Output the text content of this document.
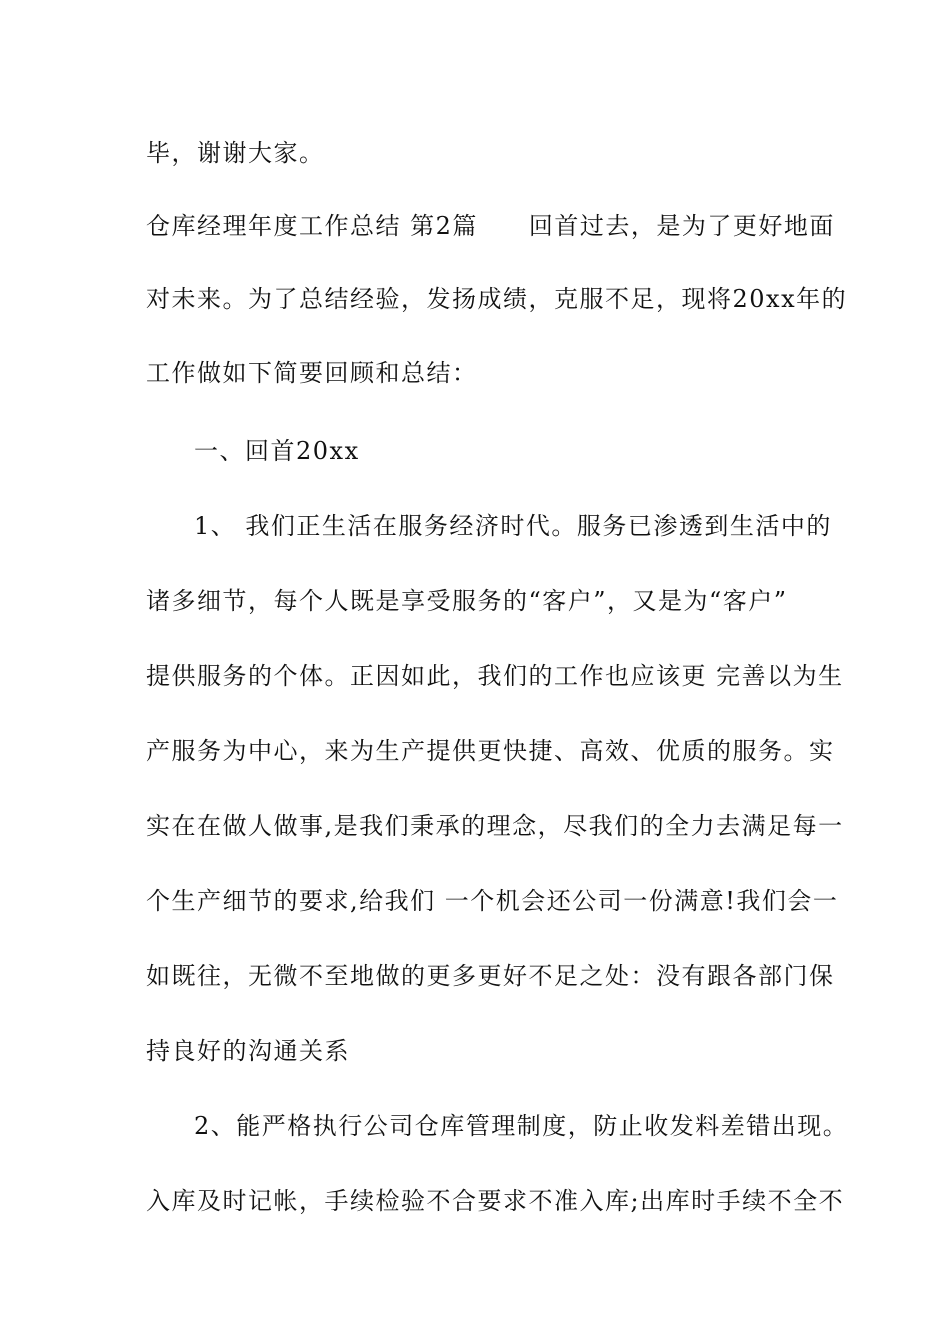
毕，谢谢大家。
仓库经理年度工作总结 第2篇　　回首过去，是为了更好地面
对未来。为了总结经验，发扬成绩，克服不足，现将20xx年的
工作做如下简要回顾和总结：
一、回首20xx
1、 我们正生活在服务经济时代。服务已渗透到生活中的
诸多细节，每个人既是享受服务的“客户”，又是为“客户”
提供服务的个体。正因如此，我们的工作也应该更 完善以为生
产服务为中心，来为生产提供更快捷、高效、优质的服务。实
实在在做人做事,是我们秉承的理念，尽我们的全力去满足每一
个生产细节的要求,给我们 一个机会还公司一份满意!我们会一
如既往，无微不至地做的更多更好不足之处：没有跟各部门保
持良好的沟通关系
2、能严格执行公司仓库管理制度，防止收发料差错出现。
入库及时记帐，手续检验不合要求不准入库;出库时手续不全不
